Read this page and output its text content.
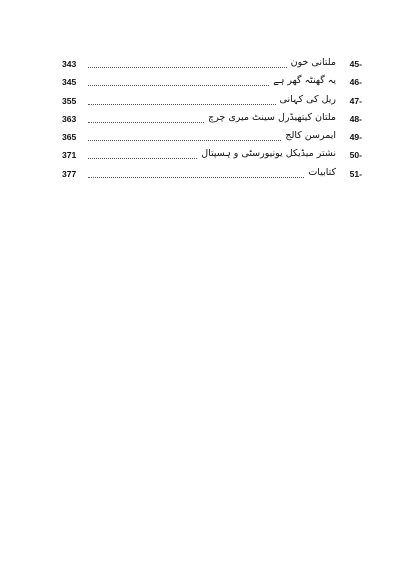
343	ملتانی خون	45-
345	یہ گھنٹہ گھر ہے	46-
355	ریل کی کہانی	47-
363	ملتان کیتھیڈرل سینٹ میری چرچ	48-
365	ایمرسن کالج	49-
371	نشتر میڈیکل یونیورسٹی و ہسپتال	50-
377	کتابیات	51-
